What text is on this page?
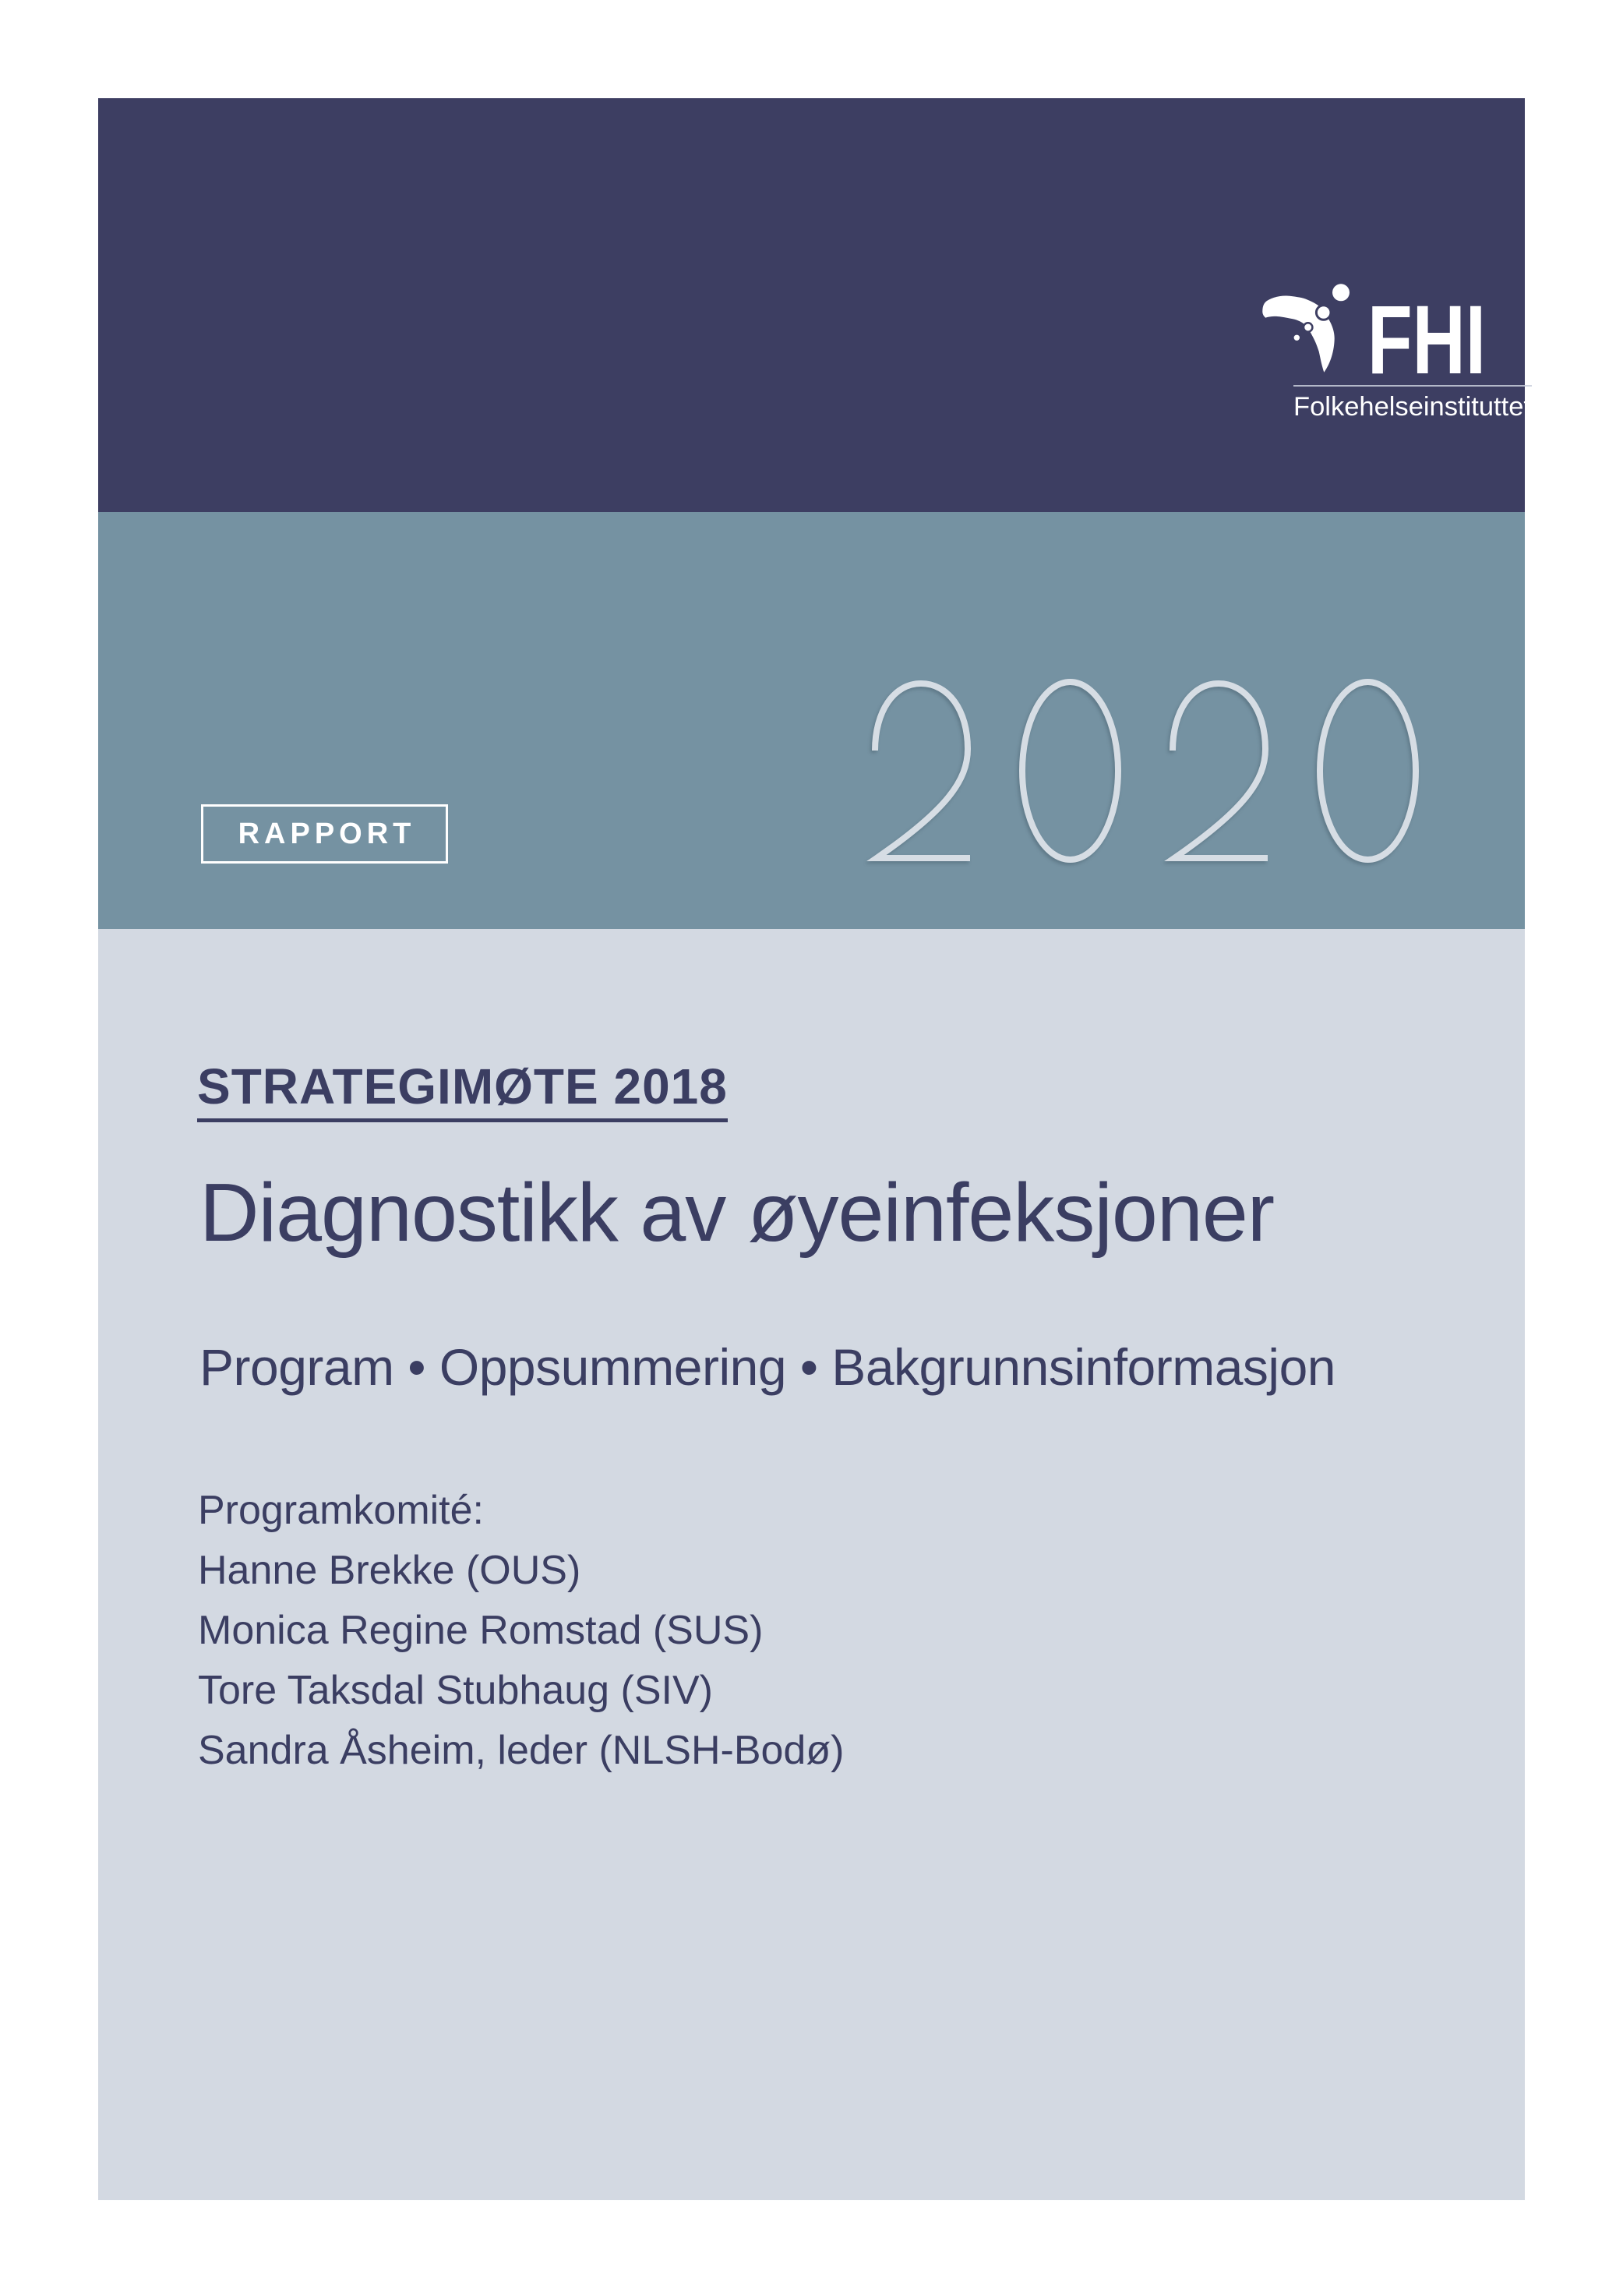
FHI
Folkehelseinstituttet
RAPPORT
STRATEGIMØTE 2018
Diagnostikk av øyeinfeksjoner
Program • Oppsummering • Bakgrunnsinformasjon
Programkomité:
Hanne Brekke (OUS)
Monica Regine Romstad (SUS)
Tore Taksdal Stubhaug (SIV)
Sandra Åsheim, leder (NLSH-Bodø)
